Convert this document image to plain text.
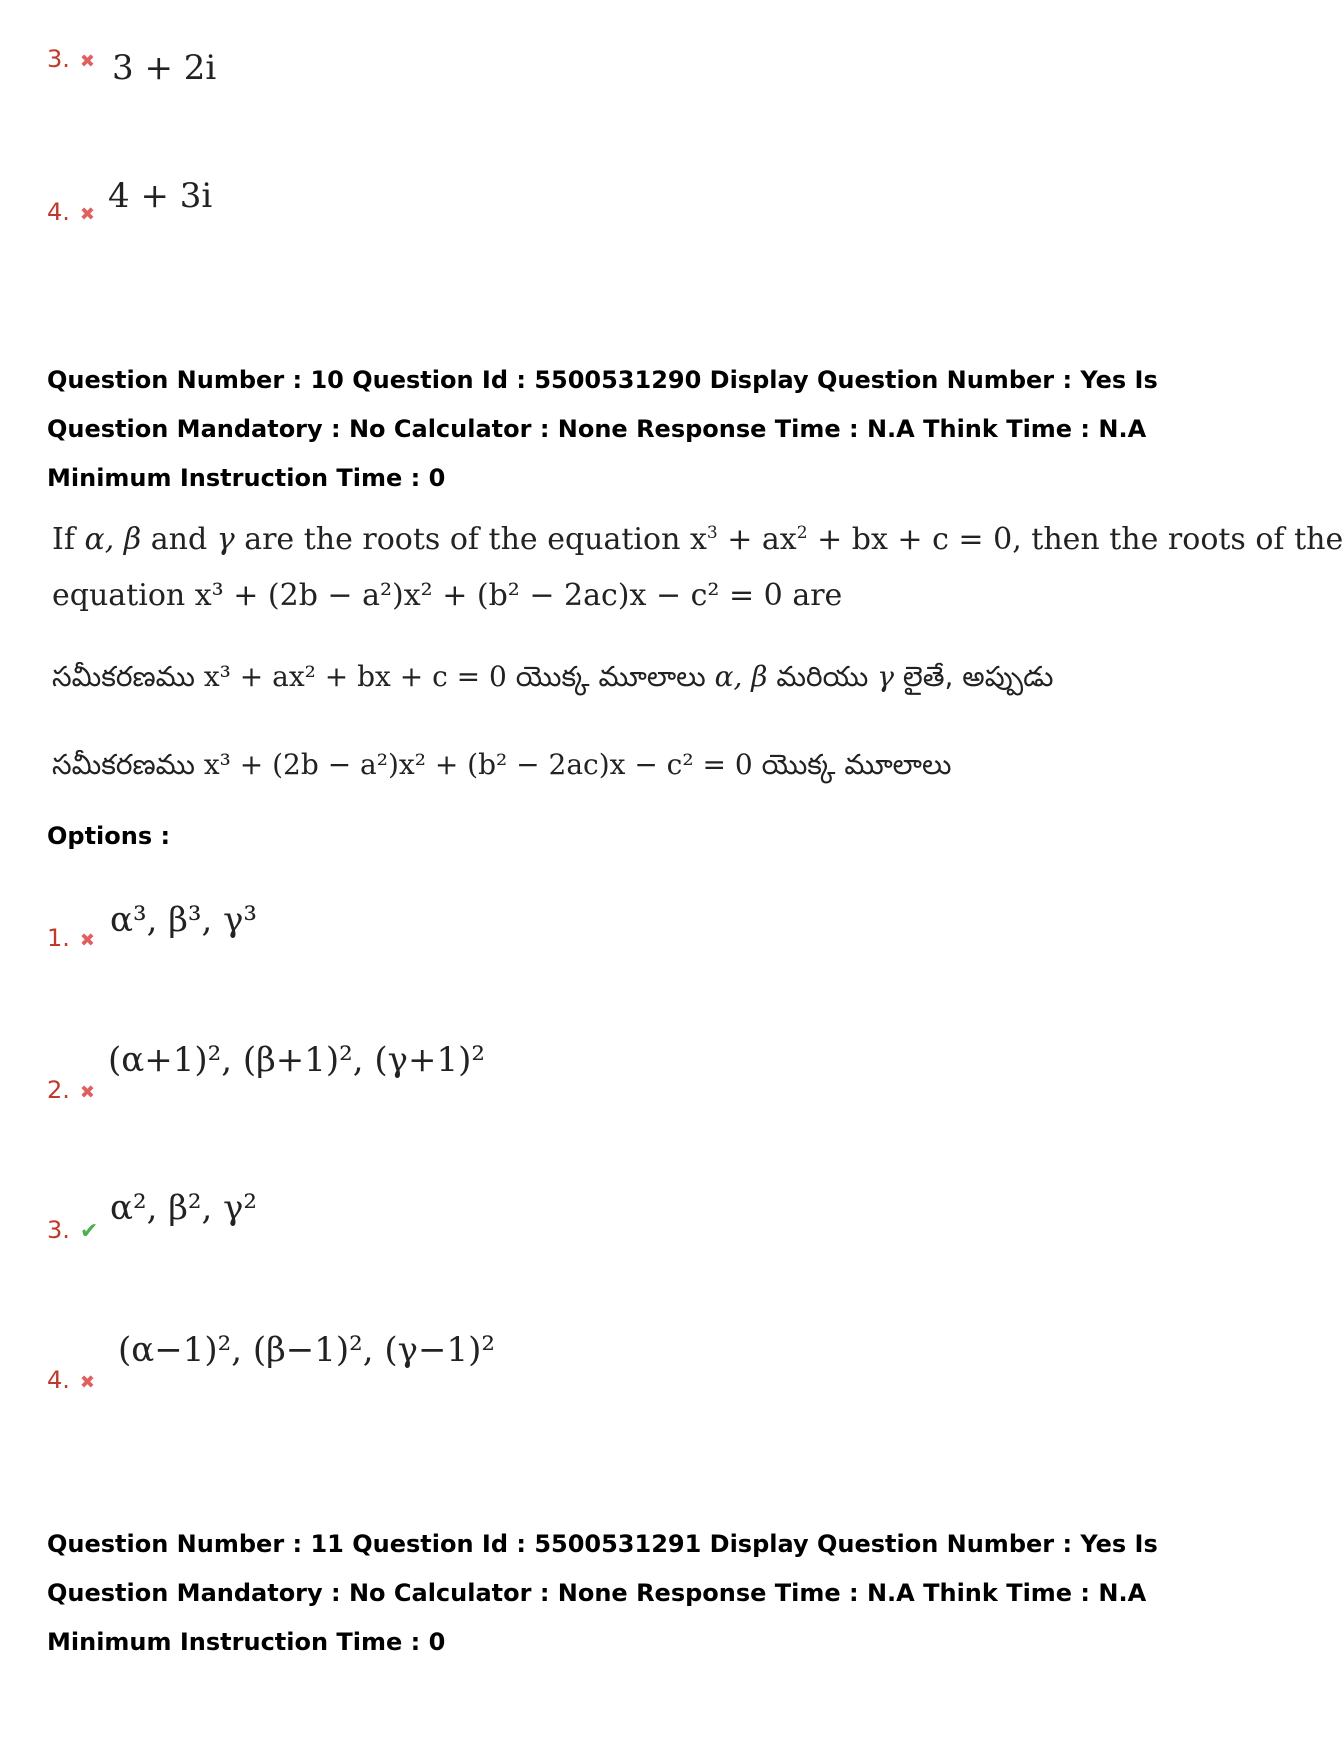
3. ✖ 3 + 2i
4. ✖ 4 + 3i
Question Number : 10 Question Id : 5500531290 Display Question Number : Yes Is Question Mandatory : No Calculator : None Response Time : N.A Think Time : N.A Minimum Instruction Time : 0
If α, β and γ are the roots of the equation $x^3 + ax^2$ + bx + c = 0, then the roots of the
equation x³ + (2b − a²)x² + (b² − 2ac)x − c² = 0 are
సమీకరణము x³ + ax² + bx + c = 0 యొక్క మూలాలు α, β మరియు γ లైతే, అప్పుడు
సమీకరణము x³ + (2b − a²)x² + (b² − 2ac)x − c² = 0 యొక్క మూలాలు
Options :
1. ✖
α³, β³, γ³
2. ✖
(α+1)², (β+1)², (γ+1)²
3. ✔
α², β², γ²
4. ✖
(α−1)², (β−1)², (γ−1)²
Question Number : 11 Question Id : 5500531291 Display Question Number : Yes Is Question Mandatory : No Calculator : None Response Time : N.A Think Time : N.A Minimum Instruction Time : 0
